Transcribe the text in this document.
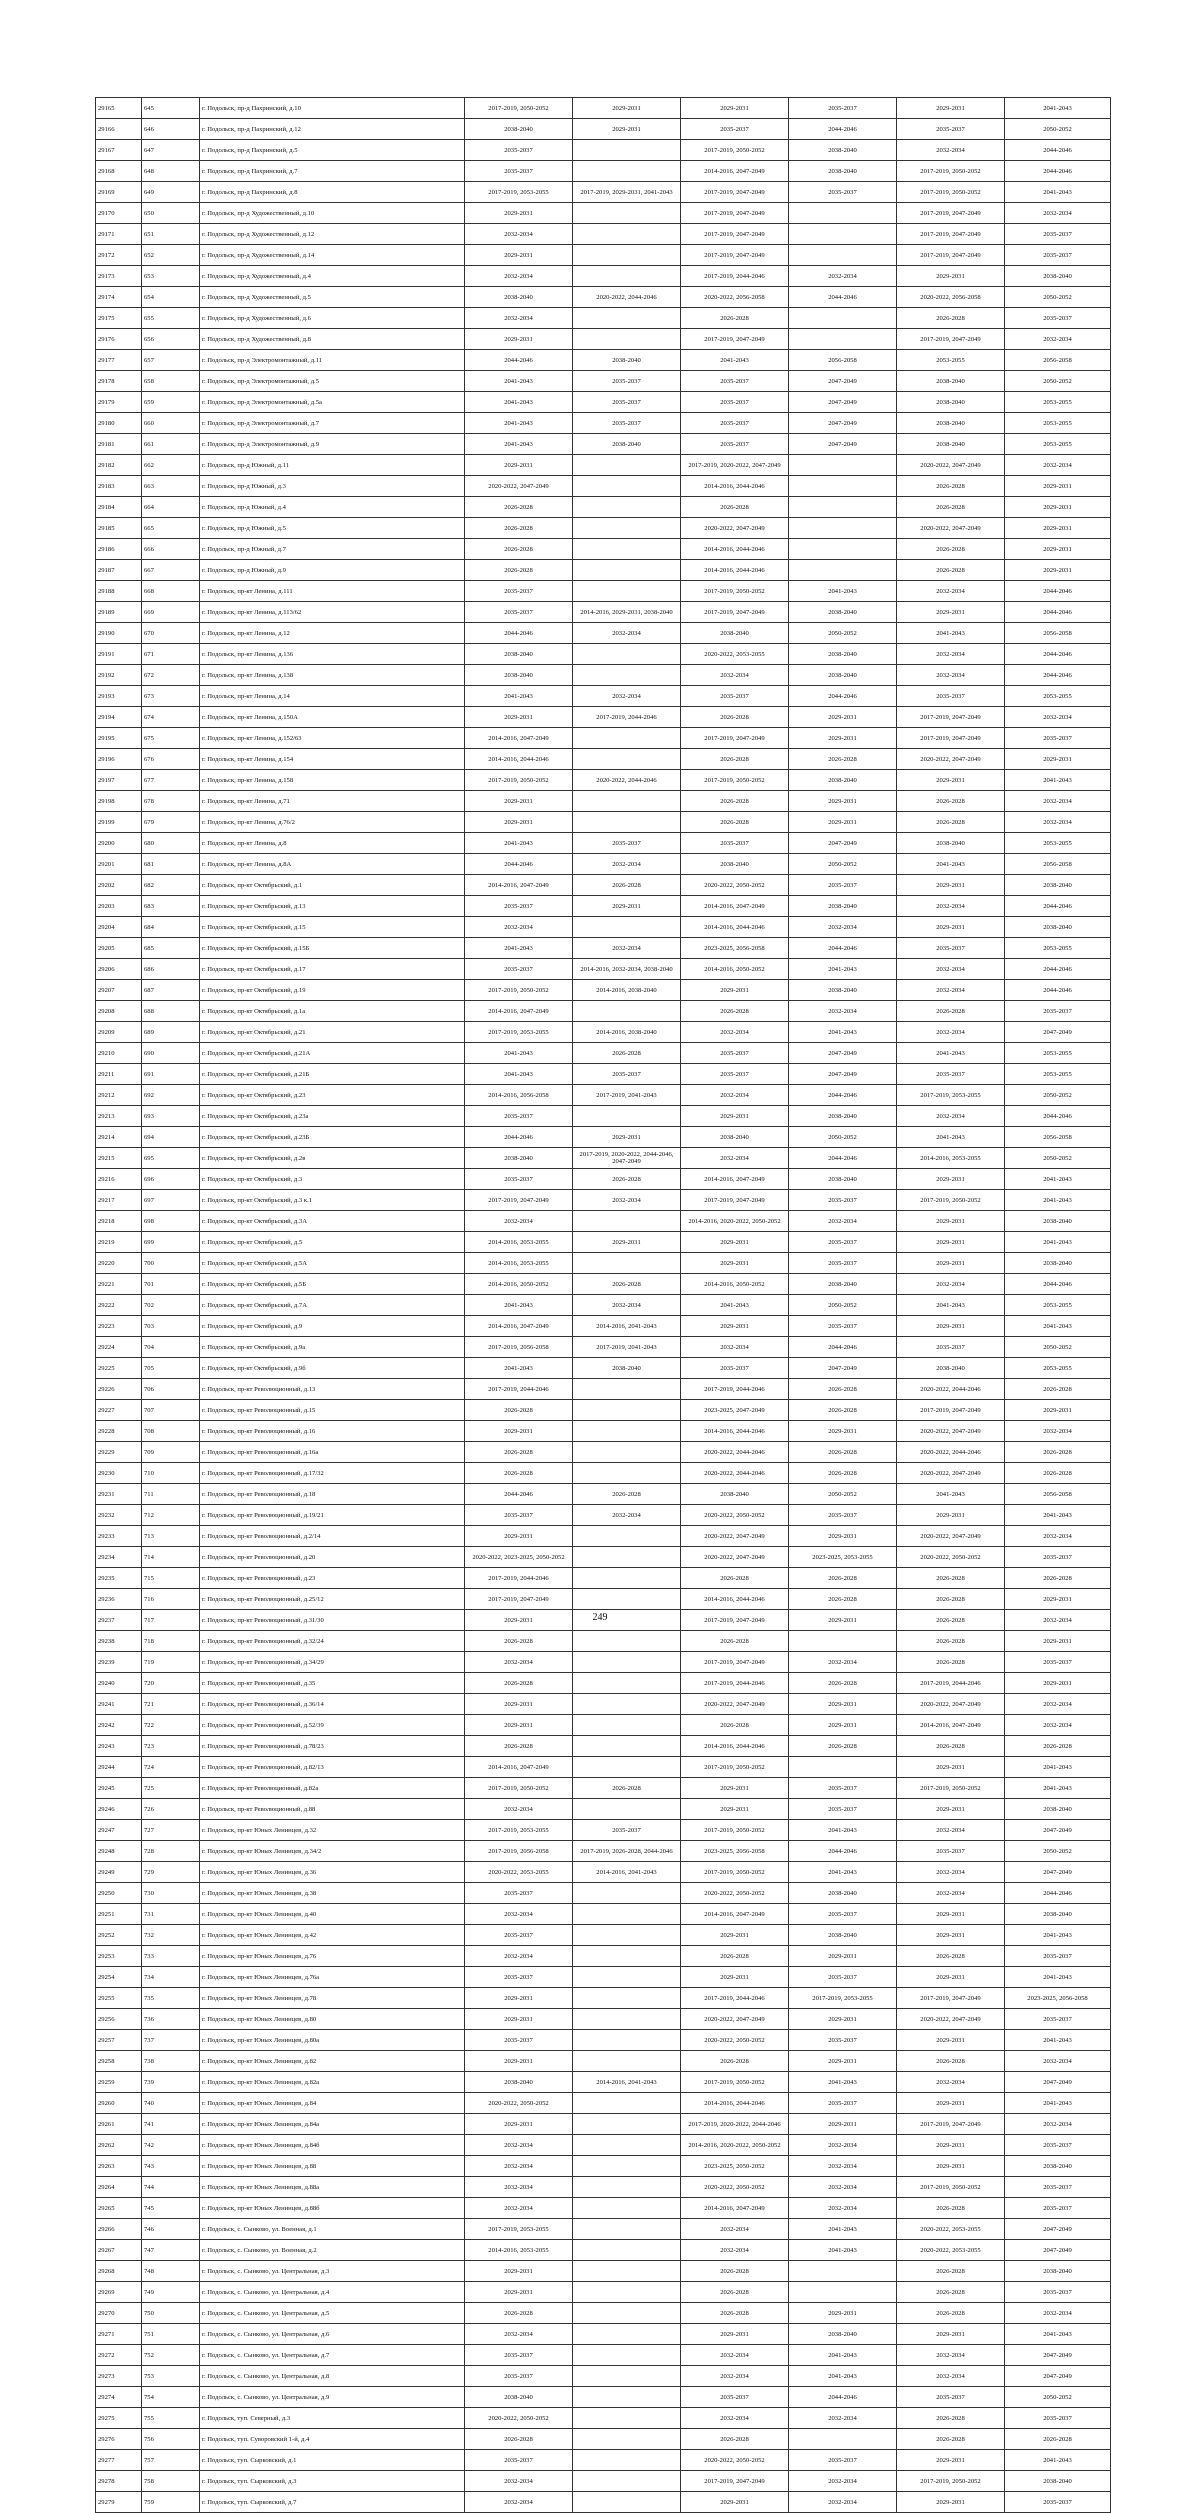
29165	645	г. Подольск, пр-д Пахринский, д.10	2017-2019, 2050-2052	2029-2031	2029-2031	2035-2037	2029-2031	2041-2043
29166	646	г. Подольск, пр-д Пахринский, д.12	2038-2040	2029-2031	2035-2037	2044-2046	2035-2037	2050-2052
29167	647	г. Подольск, пр-д Пахринский, д.5	2035-2037		2017-2019, 2050-2052	2038-2040	2032-2034	2044-2046
29168	648	г. Подольск, пр-д Пахринский, д.7	2035-2037		2014-2016, 2047-2049	2038-2040	2017-2019, 2050-2052	2044-2046
29169	649	г. Подольск, пр-д Пахринский, д.8	2017-2019, 2053-2055	2017-2019, 2029-2031, 2041-2043	2017-2019, 2047-2049	2035-2037	2017-2019, 2050-2052	2041-2043
29170	650	г. Подольск, пр-д Художественный, д.10	2029-2031		2017-2019, 2047-2049		2017-2019, 2047-2049	2032-2034
29171	651	г. Подольск, пр-д Художественный, д.12	2032-2034		2017-2019, 2047-2049		2017-2019, 2047-2049	2035-2037
29172	652	г. Подольск, пр-д Художественный, д.14	2029-2031		2017-2019, 2047-2049		2017-2019, 2047-2049	2035-2037
29173	653	г. Подольск, пр-д Художественный, д.4	2032-2034		2017-2019, 2044-2046	2032-2034	2029-2031	2038-2040
29174	654	г. Подольск, пр-д Художественный, д.5	2038-2040	2020-2022, 2044-2046	2020-2022, 2056-2058	2044-2046	2020-2022, 2056-2058	2050-2052
29175	655	г. Подольск, пр-д Художественный, д.6	2032-2034		2026-2028		2026-2028	2035-2037
29176	656	г. Подольск, пр-д Художественный, д.8	2029-2031		2017-2019, 2047-2049		2017-2019, 2047-2049	2032-2034
29177	657	г. Подольск, пр-д Электромонтажный, д.11	2044-2046	2038-2040	2041-2043	2056-2058	2053-2055	2056-2058
29178	658	г. Подольск, пр-д Электромонтажный, д.5	2041-2043	2035-2037	2035-2037	2047-2049	2038-2040	2050-2052
29179	659	г. Подольск, пр-д Электромонтажный, д.5а	2041-2043	2035-2037	2035-2037	2047-2049	2038-2040	2053-2055
29180	660	г. Подольск, пр-д Электромонтажный, д.7	2041-2043	2035-2037	2035-2037	2047-2049	2038-2040	2053-2055
29181	661	г. Подольск, пр-д Электромонтажный, д.9	2041-2043	2038-2040	2035-2037	2047-2049	2038-2040	2053-2055
29182	662	г. Подольск, пр-д Южный, д.11	2029-2031		2017-2019, 2020-2022, 2047-2049		2020-2022, 2047-2049	2032-2034
29183	663	г. Подольск, пр-д Южный, д.3	2020-2022, 2047-2049		2014-2016, 2044-2046		2026-2028	2029-2031
29184	664	г. Подольск, пр-д Южный, д.4	2026-2028		2026-2028		2026-2028	2029-2031
29185	665	г. Подольск, пр-д Южный, д.5	2026-2028		2020-2022, 2047-2049		2020-2022, 2047-2049	2029-2031
29186	666	г. Подольск, пр-д Южный, д.7	2026-2028		2014-2016, 2044-2046		2026-2028	2029-2031
29187	667	г. Подольск, пр-д Южный, д.9	2026-2028		2014-2016, 2044-2046		2026-2028	2029-2031
29188	668	г. Подольск, пр-кт Ленина, д.111	2035-2037		2017-2019, 2050-2052	2041-2043	2032-2034	2044-2046
29189	669	г. Подольск, пр-кт Ленина, д.113/62	2035-2037	2014-2016, 2029-2031, 2038-2040	2017-2019, 2047-2049	2038-2040	2029-2031	2044-2046
29190	670	г. Подольск, пр-кт Ленина, д.12	2044-2046	2032-2034	2038-2040	2050-2052	2041-2043	2056-2058
29191	671	г. Подольск, пр-кт Ленина, д.136	2038-2040		2020-2022, 2053-2055	2038-2040	2032-2034	2044-2046
29192	672	г. Подольск, пр-кт Ленина, д.138	2038-2040		2032-2034	2038-2040	2032-2034	2044-2046
29193	673	г. Подольск, пр-кт Ленина, д.14	2041-2043	2032-2034	2035-2037	2044-2046	2035-2037	2053-2055
29194	674	г. Подольск, пр-кт Ленина, д.150А	2029-2031	2017-2019, 2044-2046	2026-2028	2029-2031	2017-2019, 2047-2049	2032-2034
29195	675	г. Подольск, пр-кт Ленина, д.152/63	2014-2016, 2047-2049		2017-2019, 2047-2049	2029-2031	2017-2019, 2047-2049	2035-2037
29196	676	г. Подольск, пр-кт Ленина, д.154	2014-2016, 2044-2046		2026-2028	2026-2028	2020-2022, 2047-2049	2029-2031
29197	677	г. Подольск, пр-кт Ленина, д.158	2017-2019, 2050-2052	2020-2022, 2044-2046	2017-2019, 2050-2052	2038-2040	2029-2031	2041-2043
29198	678	г. Подольск, пр-кт Ленина, д.71	2029-2031		2026-2028	2029-2031	2026-2028	2032-2034
29199	679	г. Подольск, пр-кт Ленина, д.76/2	2029-2031		2026-2028	2029-2031	2026-2028	2032-2034
29200	680	г. Подольск, пр-кт Ленина, д.8	2041-2043	2035-2037	2035-2037	2047-2049	2038-2040	2053-2055
29201	681	г. Подольск, пр-кт Ленина, д.8А	2044-2046	2032-2034	2038-2040	2050-2052	2041-2043	2056-2058
29202	682	г. Подольск, пр-кт Октябрьский, д.1	2014-2016, 2047-2049	2026-2028	2020-2022, 2050-2052	2035-2037	2029-2031	2038-2040
29203	683	г. Подольск, пр-кт Октябрьский, д.13	2035-2037	2029-2031	2014-2016, 2047-2049	2038-2040	2032-2034	2044-2046
29204	684	г. Подольск, пр-кт Октябрьский, д.15	2032-2034		2014-2016, 2044-2046	2032-2034	2029-2031	2038-2040
29205	685	г. Подольск, пр-кт Октябрьский, д.15Б	2041-2043	2032-2034	2023-2025, 2056-2058	2044-2046	2035-2037	2053-2055
29206	686	г. Подольск, пр-кт Октябрьский, д.17	2035-2037	2014-2016, 2032-2034, 2038-2040	2014-2016, 2050-2052	2041-2043	2032-2034	2044-2046
29207	687	г. Подольск, пр-кт Октябрьский, д.19	2017-2019, 2050-2052	2014-2016, 2038-2040	2029-2031	2038-2040	2032-2034	2044-2046
29208	688	г. Подольск, пр-кт Октябрьский, д.1а	2014-2016, 2047-2049		2026-2028	2032-2034	2026-2028	2035-2037
29209	689	г. Подольск, пр-кт Октябрьский, д.21	2017-2019, 2053-2055	2014-2016, 2038-2040	2032-2034	2041-2043	2032-2034	2047-2049
29210	690	г. Подольск, пр-кт Октябрьский, д.21А	2041-2043	2026-2028	2035-2037	2047-2049	2041-2043	2053-2055
29211	691	г. Подольск, пр-кт Октябрьский, д.21Б	2041-2043	2035-2037	2035-2037	2047-2049	2035-2037	2053-2055
29212	692	г. Подольск, пр-кт Октябрьский, д.23	2014-2016, 2056-2058	2017-2019, 2041-2043	2032-2034	2044-2046	2017-2019, 2053-2055	2050-2052
29213	693	г. Подольск, пр-кт Октябрьский, д.23а	2035-2037		2029-2031	2038-2040	2032-2034	2044-2046
29214	694	г. Подольск, пр-кт Октябрьский, д.23Б	2044-2046	2029-2031	2038-2040	2050-2052	2041-2043	2056-2058
29215	695	г. Подольск, пр-кт Октябрьский, д.2в	2038-2040	2017-2019, 2020-2022, 2044-2046, 2047-2049	2032-2034	2044-2046	2014-2016, 2053-2055	2050-2052
29216	696	г. Подольск, пр-кт Октябрьский, д.3	2035-2037	2026-2028	2014-2016, 2047-2049	2038-2040	2029-2031	2041-2043
29217	697	г. Подольск, пр-кт Октябрьский, д.3 к.1	2017-2019, 2047-2049	2032-2034	2017-2019, 2047-2049	2035-2037	2017-2019, 2050-2052	2041-2043
29218	698	г. Подольск, пр-кт Октябрьский, д.3А	2032-2034		2014-2016, 2020-2022, 2050-2052	2032-2034	2029-2031	2038-2040
29219	699	г. Подольск, пр-кт Октябрьский, д.5	2014-2016, 2053-2055	2029-2031	2029-2031	2035-2037	2029-2031	2041-2043
29220	700	г. Подольск, пр-кт Октябрьский, д.5А	2014-2016, 2053-2055		2029-2031	2035-2037	2029-2031	2038-2040
29221	701	г. Подольск, пр-кт Октябрьский, д.5Б	2014-2016, 2050-2052	2026-2028	2014-2016, 2050-2052	2038-2040	2032-2034	2044-2046
29222	702	г. Подольск, пр-кт Октябрьский, д.7А	2041-2043	2032-2034	2041-2043	2050-2052	2041-2043	2053-2055
29223	703	г. Подольск, пр-кт Октябрьский, д.9	2014-2016, 2047-2049	2014-2016, 2041-2043	2029-2031	2035-2037	2029-2031	2041-2043
29224	704	г. Подольск, пр-кт Октябрьский, д.9а	2017-2019, 2056-2058	2017-2019, 2041-2043	2032-2034	2044-2046	2035-2037	2050-2052
29225	705	г. Подольск, пр-кт Октябрьский, д.9б	2041-2043	2038-2040	2035-2037	2047-2049	2038-2040	2053-2055
29226	706	г. Подольск, пр-кт Революционный, д.13	2017-2019, 2044-2046		2017-2019, 2044-2046	2026-2028	2020-2022, 2044-2046	2026-2028
29227	707	г. Подольск, пр-кт Революционный, д.15	2026-2028		2023-2025, 2047-2049	2026-2028	2017-2019, 2047-2049	2029-2031
29228	708	г. Подольск, пр-кт Революционный, д.16	2029-2031		2014-2016, 2044-2046	2029-2031	2020-2022, 2047-2049	2032-2034
29229	709	г. Подольск, пр-кт Революционный, д.16а	2026-2028		2020-2022, 2044-2046	2026-2028	2020-2022, 2044-2046	2026-2028
29230	710	г. Подольск, пр-кт Революционный, д.17/32	2026-2028		2020-2022, 2044-2046	2026-2028	2020-2022, 2047-2049	2026-2028
29231	711	г. Подольск, пр-кт Революционный, д.18	2044-2046	2026-2028	2038-2040	2050-2052	2041-2043	2056-2058
29232	712	г. Подольск, пр-кт Революционный, д.19/21	2035-2037	2032-2034	2020-2022, 2050-2052	2035-2037	2029-2031	2041-2043
29233	713	г. Подольск, пр-кт Революционный, д.2/14	2029-2031		2020-2022, 2047-2049	2029-2031	2020-2022, 2047-2049	2032-2034
29234	714	г. Подольск, пр-кт Революционный, д.20	2020-2022, 2023-2025, 2050-2052		2020-2022, 2047-2049	2023-2025, 2053-2055	2020-2022, 2050-2052	2035-2037
29235	715	г. Подольск, пр-кт Революционный, д.23	2017-2019, 2044-2046		2026-2028	2026-2028	2026-2028	2026-2028
29236	716	г. Подольск, пр-кт Революционный, д.25/12	2017-2019, 2047-2049		2014-2016, 2044-2046	2026-2028	2026-2028	2029-2031
29237	717	г. Подольск, пр-кт Революционный, д.31/30	2029-2031		2017-2019, 2047-2049	2029-2031	2026-2028	2032-2034
29238	718	г. Подольск, пр-кт Революционный, д.32/24	2026-2028		2026-2028		2026-2028	2029-2031
29239	719	г. Подольск, пр-кт Революционный, д.34/29	2032-2034		2017-2019, 2047-2049	2032-2034	2026-2028	2035-2037
29240	720	г. Подольск, пр-кт Революционный, д.35	2026-2028		2017-2019, 2044-2046	2026-2028	2017-2019, 2044-2046	2029-2031
29241	721	г. Подольск, пр-кт Революционный, д.36/14	2029-2031		2020-2022, 2047-2049	2029-2031	2020-2022, 2047-2049	2032-2034
29242	722	г. Подольск, пр-кт Революционный, д.52/39	2029-2031		2026-2028	2029-2031	2014-2016, 2047-2049	2032-2034
29243	723	г. Подольск, пр-кт Революционный, д.78/23	2026-2028		2014-2016, 2044-2046	2026-2028	2026-2028	2026-2028
29244	724	г. Подольск, пр-кт Революционный, д.82/13	2014-2016, 2047-2049		2017-2019, 2050-2052		2029-2031	2041-2043
29245	725	г. Подольск, пр-кт Революционный, д.82а	2017-2019, 2050-2052	2026-2028	2029-2031	2035-2037	2017-2019, 2050-2052	2041-2043
29246	726	г. Подольск, пр-кт Революционный, д.88	2032-2034		2029-2031	2035-2037	2029-2031	2038-2040
29247	727	г. Подольск, пр-кт Юных Ленинцев, д.32	2017-2019, 2053-2055	2035-2037	2017-2019, 2050-2052	2041-2043	2032-2034	2047-2049
29248	728	г. Подольск, пр-кт Юных Ленинцев, д.34/2	2017-2019, 2056-2058	2017-2019, 2026-2028, 2044-2046	2023-2025, 2056-2058	2044-2046	2035-2037	2050-2052
29249	729	г. Подольск, пр-кт Юных Ленинцев, д.36	2020-2022, 2053-2055	2014-2016, 2041-2043	2017-2019, 2050-2052	2041-2043	2032-2034	2047-2049
29250	730	г. Подольск, пр-кт Юных Ленинцев, д.38	2035-2037		2020-2022, 2050-2052	2038-2040	2032-2034	2044-2046
29251	731	г. Подольск, пр-кт Юных Ленинцев, д.40	2032-2034		2014-2016, 2047-2049	2035-2037	2029-2031	2038-2040
29252	732	г. Подольск, пр-кт Юных Ленинцев, д.42	2035-2037		2029-2031	2038-2040	2029-2031	2041-2043
29253	733	г. Подольск, пр-кт Юных Ленинцев, д.76	2032-2034		2026-2028	2029-2031	2026-2028	2035-2037
29254	734	г. Подольск, пр-кт Юных Ленинцев, д.76а	2035-2037		2029-2031	2035-2037	2029-2031	2041-2043
29255	735	г. Подольск, пр-кт Юных Ленинцев, д.78	2029-2031		2017-2019, 2044-2046	2017-2019, 2053-2055	2017-2019, 2047-2049	2023-2025, 2056-2058
29256	736	г. Подольск, пр-кт Юных Ленинцев, д.80	2029-2031		2020-2022, 2047-2049	2029-2031	2020-2022, 2047-2049	2035-2037
29257	737	г. Подольск, пр-кт Юных Ленинцев, д.80а	2035-2037		2020-2022, 2050-2052	2035-2037	2029-2031	2041-2043
29258	738	г. Подольск, пр-кт Юных Ленинцев, д.82	2029-2031		2026-2028	2029-2031	2026-2028	2032-2034
29259	739	г. Подольск, пр-кт Юных Ленинцев, д.82а	2038-2040	2014-2016, 2041-2043	2017-2019, 2050-2052	2041-2043	2032-2034	2047-2049
29260	740	г. Подольск, пр-кт Юных Ленинцев, д.84	2020-2022, 2050-2052		2014-2016, 2044-2046	2035-2037	2029-2031	2041-2043
29261	741	г. Подольск, пр-кт Юных Ленинцев, д.84а	2029-2031		2017-2019, 2020-2022, 2044-2046	2029-2031	2017-2019, 2047-2049	2032-2034
29262	742	г. Подольск, пр-кт Юных Ленинцев, д.84б	2032-2034		2014-2016, 2020-2022, 2050-2052	2032-2034	2029-2031	2035-2037
29263	743	г. Подольск, пр-кт Юных Ленинцев, д.88	2032-2034		2023-2025, 2050-2052	2032-2034	2029-2031	2038-2040
29264	744	г. Подольск, пр-кт Юных Ленинцев, д.88а	2032-2034		2020-2022, 2050-2052	2032-2034	2017-2019, 2050-2052	2035-2037
29265	745	г. Подольск, пр-кт Юных Ленинцев, д.88б	2032-2034		2014-2016, 2047-2049	2032-2034	2026-2028	2035-2037
29266	746	г. Подольск, с. Сынково, ул. Военная, д.1	2017-2019, 2053-2055		2032-2034	2041-2043	2020-2022, 2053-2055	2047-2049
29267	747	г. Подольск, с. Сынково, ул. Военная, д.2	2014-2016, 2053-2055		2032-2034	2041-2043	2020-2022, 2053-2055	2047-2049
29268	748	г. Подольск, с. Сынково, ул. Центральная, д.3	2029-2031		2026-2028		2026-2028	2038-2040
29269	749	г. Подольск, с. Сынково, ул. Центральная, д.4	2029-2031		2026-2028		2026-2028	2035-2037
29270	750	г. Подольск, с. Сынково, ул. Центральная, д.5	2026-2028		2026-2028	2029-2031	2026-2028	2032-2034
29271	751	г. Подольск, с. Сынково, ул. Центральная, д.6	2032-2034		2029-2031	2038-2040	2029-2031	2041-2043
29272	752	г. Подольск, с. Сынково, ул. Центральная, д.7	2035-2037		2032-2034	2041-2043	2032-2034	2047-2049
29273	753	г. Подольск, с. Сынково, ул. Центральная, д.8	2035-2037		2032-2034	2041-2043	2032-2034	2047-2049
29274	754	г. Подольск, с. Сынково, ул. Центральная, д.9	2038-2040		2035-2037	2044-2046	2035-2037	2050-2052
29275	755	г. Подольск, туп. Северный, д.3	2020-2022, 2050-2052		2032-2034	2032-2034	2026-2028	2035-2037
29276	756	г. Подольск, туп. Суворовский 1-й, д.4	2026-2028		2026-2028		2026-2028	2026-2028
29277	757	г. Подольск, туп. Сырковский, д.1	2035-2037		2020-2022, 2050-2052	2035-2037	2029-2031	2041-2043
29278	758	г. Подольск, туп. Сырковский, д.3	2032-2034		2017-2019, 2047-2049	2032-2034	2017-2019, 2050-2052	2038-2040
29279	759	г. Подольск, туп. Сырковский, д.7	2032-2034		2029-2031	2032-2034	2029-2031	2035-2037
249
